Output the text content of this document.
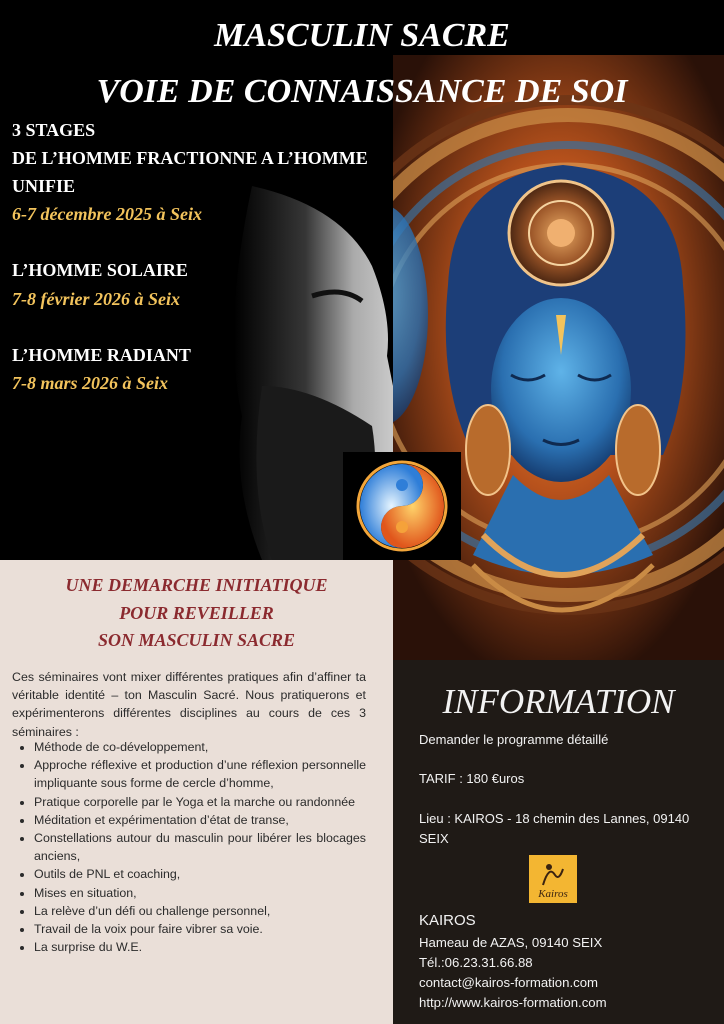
MASCULIN SACRE
VOIE DE CONNAISSANCE DE SOI
3 STAGES
DE L’HOMME FRACTIONNE A L’HOMME
UNIFIE
6-7 décembre 2025 à Seix
L’HOMME SOLAIRE
7-8 février 2026 à Seix
L’HOMME RADIANT
7-8 mars 2026 à Seix
UNE DEMARCHE INITIATIQUE
POUR REVEILLER
SON MASCULIN SACRE
Ces séminaires vont mixer différentes pratiques afin d’affiner ta véritable identité – ton Masculin Sacré. Nous pratiquerons et expérimenterons différentes disciplines au cours de ces 3 séminaires :
• Méthode de co-développement,
• Approche réflexive et production d’une réflexion personnelle impliquante sous forme de cercle d’homme,
• Pratique corporelle par le Yoga et la marche ou randonnée
• Méditation et expérimentation d’état de transe,
• Constellations autour du masculin pour libérer les blocages anciens,
• Outils de PNL et coaching,
• Mises en situation,
• La relève d’un défi ou challenge personnel,
• Travail de la voix pour faire vibrer sa voie.
• La surprise du W.E.
INFORMATION
Demander le programme détaillé
TARIF : 180 €uros
Lieu : KAIROS - 18 chemin des Lannes, 09140 SEIX
Kairos
KAIROS
Hameau de AZAS, 09140 SEIX
Tél.:06.23.31.66.88
contact@kairos-formation.com
http://www.kairos-formation.com
